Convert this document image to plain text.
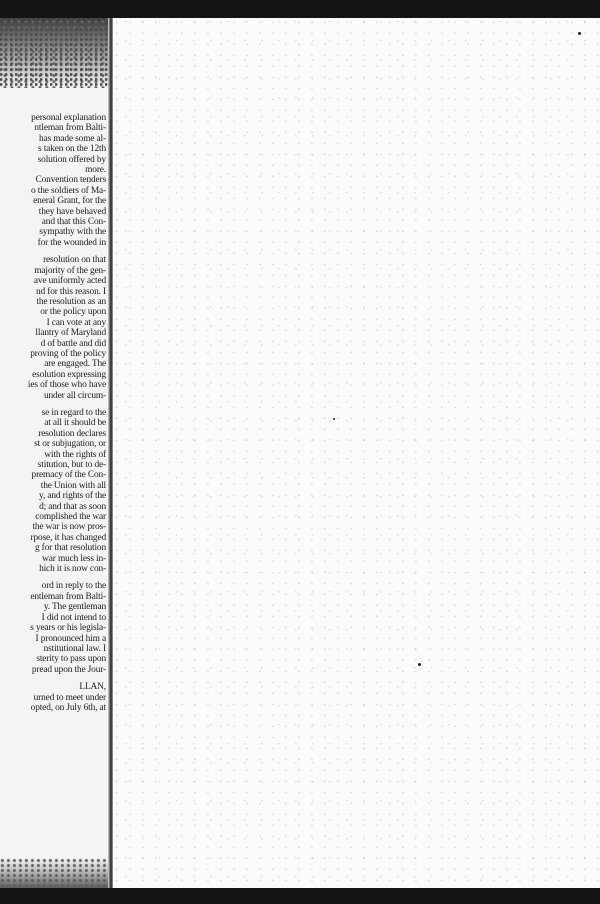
personal explanation
ntleman from Balti-
has made some al-
s taken on the 12th
solution offered by
more.
Convention tenders
o the soldiers of Ma-
eneral Grant, for the
they have behaved
and that this Con-
sympathy with the
for the wounded in
resolution on that
majority of the gen-
ave uniformly acted
nd for this reason. I
the resolution as an
or the policy upon
I can vote at any
llantry of Maryland
d of battle and did
proving of the policy
are engaged. The
esolution expressing
ies of those who have
under all circum-
se in regard to the
at all it should be
resolution declares
st or subjugation, or
with the rights of
stitution, but to de-
premacy of the Con-
the Union with all
y, and rights of the
d; and that as soon
complished the war
the war is now pros-
rpose, it has changed
g for that resolution
war much less in-
hich it is now con-
ord in reply to the
entleman from Balti-
y. The gentleman
I did not intend to
s years or his legisla-
I pronounced him a
nstitutional law. I
sterity to pass upon
pread upon the Jour-
LLAN,
urned to meet under
opted, on July 6th, at
